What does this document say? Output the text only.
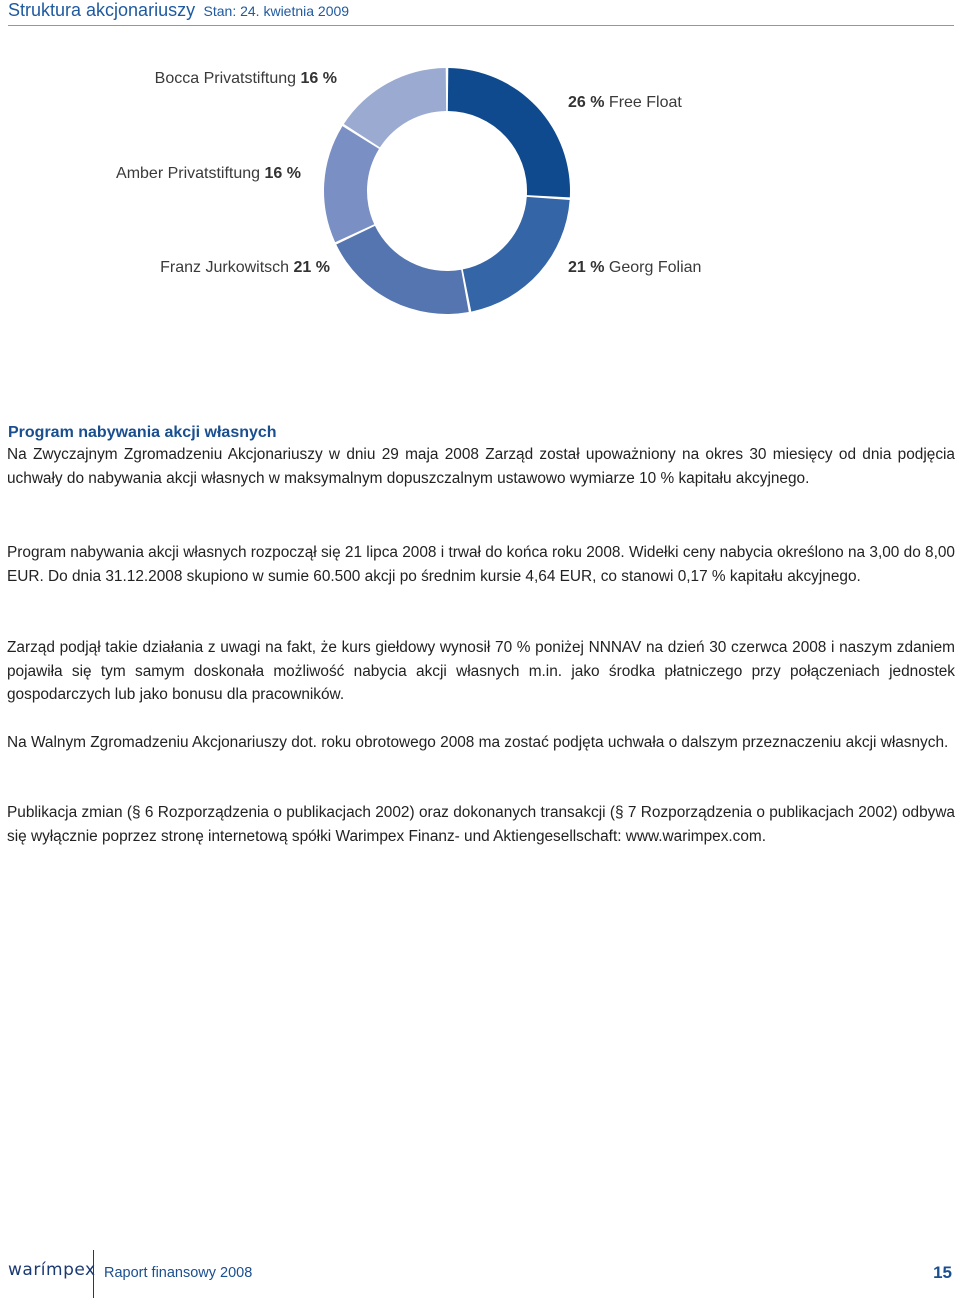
Struktura akcjonariuszy Stan: 24. kwietnia 2009
Bocca Privatstiftung 16 %
26 % Free Float
Amber Privatstiftung 16 %
Franz Jurkowitsch 21 %	21 % Georg Folian
Program nabywania akcji własnych
Na Zwyczajnym Zgromadzeniu Akcjonariuszy w dniu 29 maja 2008 Zarząd został upoważniony na okres 30 miesięcy od dnia podjęcia uchwały do nabywania akcji własnych w maksymalnym dopuszczalnym ustawowo wymiarze 10 % kapitału akcyjnego.
Program nabywania akcji własnych rozpoczął się 21 lipca 2008 i trwał do końca roku 2008. Widełki ceny nabycia określono na 3,00 do 8,00 EUR. Do dnia 31.12.2008 skupiono w sumie 60.500 akcji po średnim kursie 4,64 EUR, co stanowi 0,17 % kapitału akcyjnego.
Zarząd podjął takie działania z uwagi na fakt, że kurs giełdowy wynosił 70 % poniżej NNNAV na dzień 30 czerwca 2008 i naszym zdaniem pojawiła się tym samym doskonała możliwość nabycia akcji własnych m.in. jako środka płatniczego przy połączeniach jednostek gospodarczych lub jako bonusu dla pracowników.
Na Walnym Zgromadzeniu Akcjonariuszy dot. roku obrotowego 2008 ma zostać podjęta uchwała o dalszym przeznaczeniu akcji własnych.
Publikacja zmian (§ 6 Rozporządzenia o publikacjach 2002) oraz dokonanych transakcji (§ 7 Rozporządzenia o publikacjach 2002) odbywa się wyłącznie poprzez stronę internetową spółki Warimpex Finanz- und Aktiengesellschaft: www.warimpex.com.
warímpex Raport finansowy 2008	15
